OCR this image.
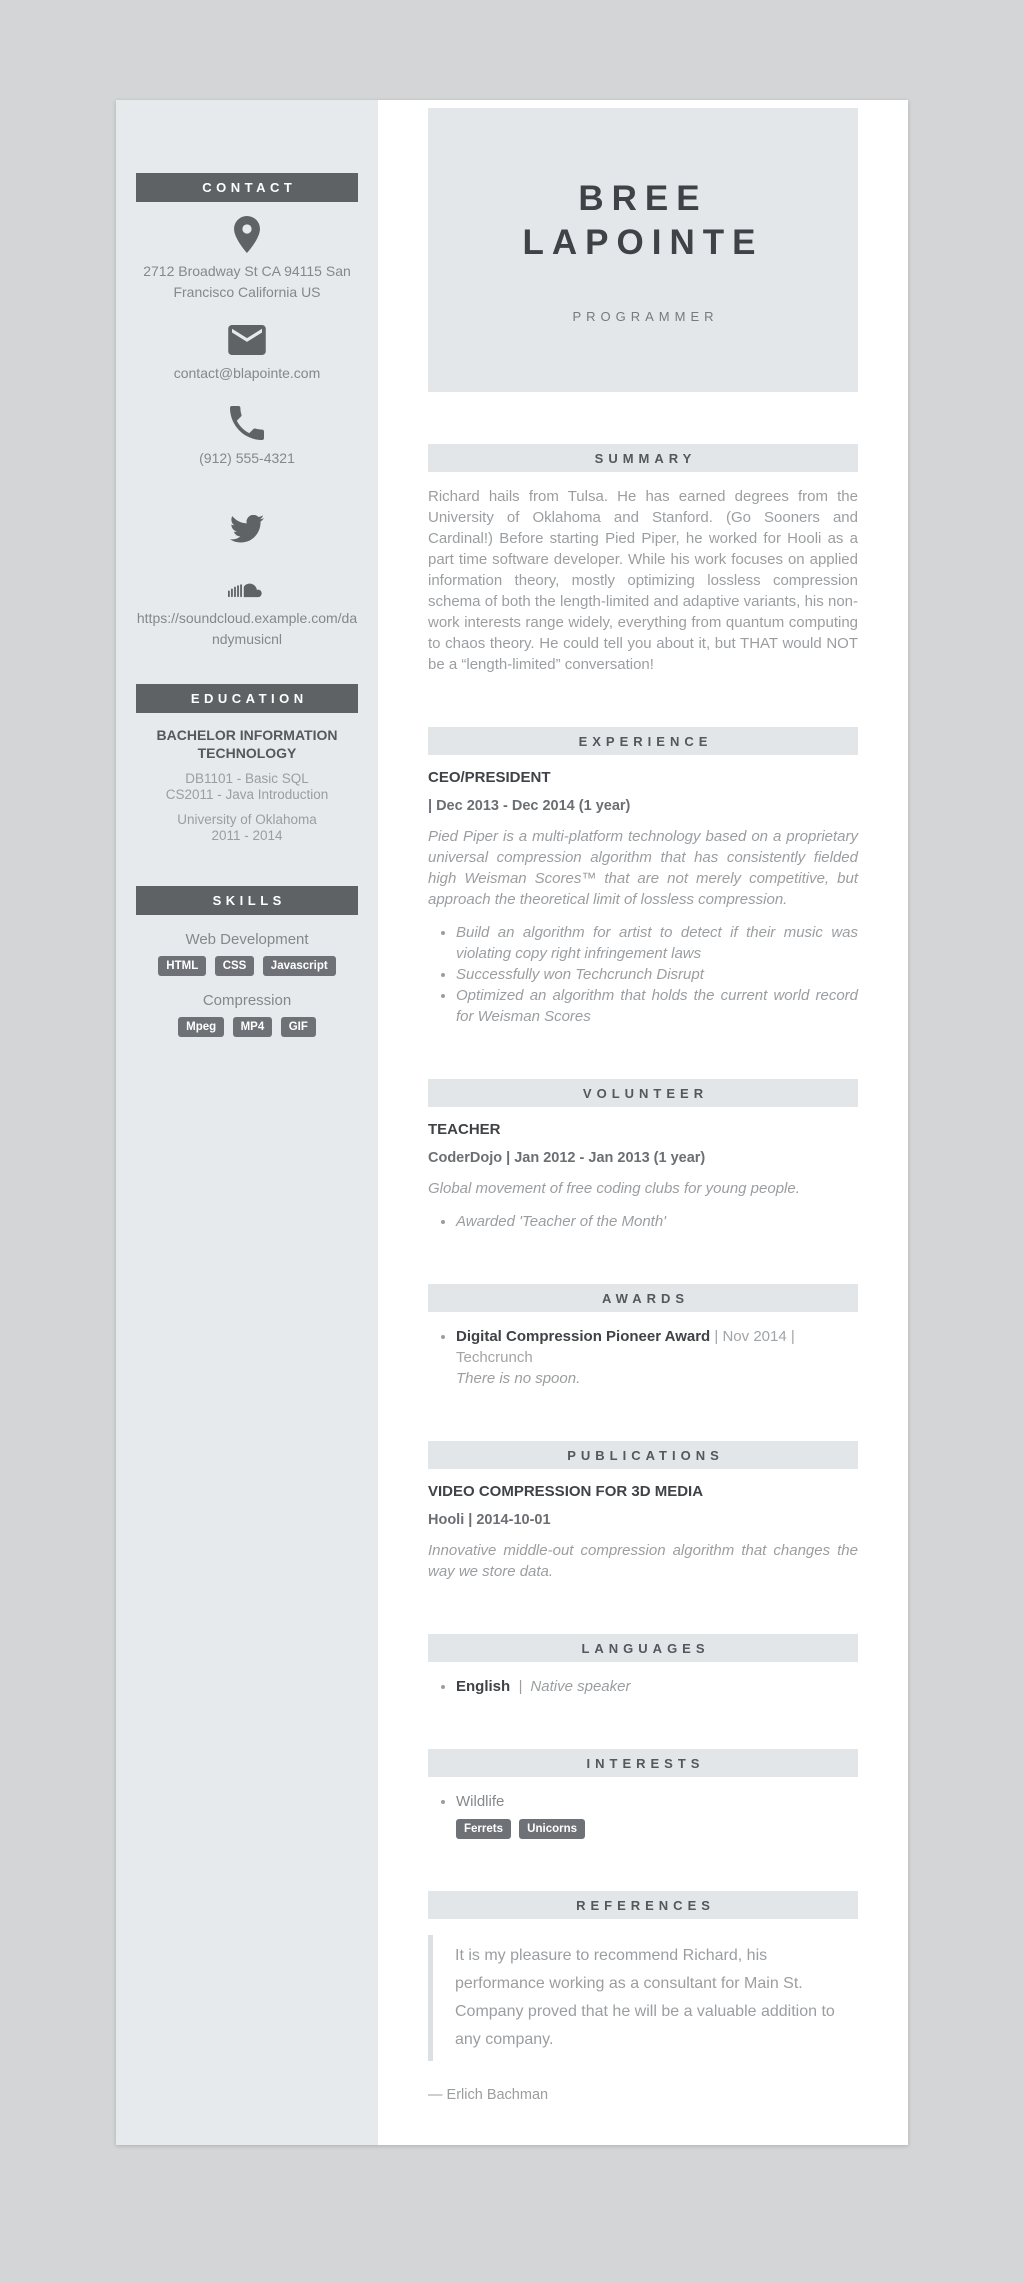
CONTACT
2712 Broadway St CA 94115 San Francisco California US
contact@blapointe.com
(912) 555-4321
https://soundcloud.example.com/dandymusicnl
EDUCATION
BACHELOR INFORMATION TECHNOLOGY
DB1101 - Basic SQL
CS2011 - Java Introduction
University of Oklahoma
2011 - 2014
SKILLS
Web Development
HTML CSS Javascript
Compression
Mpeg MP4 GIF
BREE LAPOINTE
PROGRAMMER
SUMMARY

Richard hails from Tulsa. He has earned degrees from the University of Oklahoma and Stanford. (Go Sooners and Cardinal!) Before starting Pied Piper, he worked for Hooli as a part time software developer. While his work focuses on applied information theory, mostly optimizing lossless compression schema of both the length-limited and adaptive variants, his non-work interests range widely, everything from quantum computing to chaos theory. He could tell you about it, but THAT would NOT be a “length-limited” conversation!

EXPERIENCE
CEO/PRESIDENT
| Dec 2013 - Dec 2014 (1 year)

Pied Piper is a multi-platform technology based on a proprietary universal compression algorithm that has consistently fielded high Weisman Scores™ that are not merely competitive, but approach the theoretical limit of lossless compression.

• Build an algorithm for artist to detect if their music was violating copy right infringement laws
• Successfully won Techcrunch Disrupt
• Optimized an algorithm that holds the current world record for Weisman Scores
VOLUNTEER
TEACHER
CoderDojo | Jan 2012 - Jan 2013 (1 year)

Global movement of free coding clubs for young people.

• Awarded 'Teacher of the Month'
AWARDS
• Digital Compression Pioneer Award | Nov 2014 | Techcrunch
There is no spoon.
PUBLICATIONS
VIDEO COMPRESSION FOR 3D MEDIA
Hooli | 2014-10-01

Innovative middle-out compression algorithm that changes the way we store data.

LANGUAGES
• English | Native speaker
INTERESTS
• Wildlife
Ferrets Unicorns
REFERENCES
It is my pleasure to recommend Richard, his performance working as a consultant for Main St. Company proved that he will be a valuable addition to any company.
— Erlich Bachman
